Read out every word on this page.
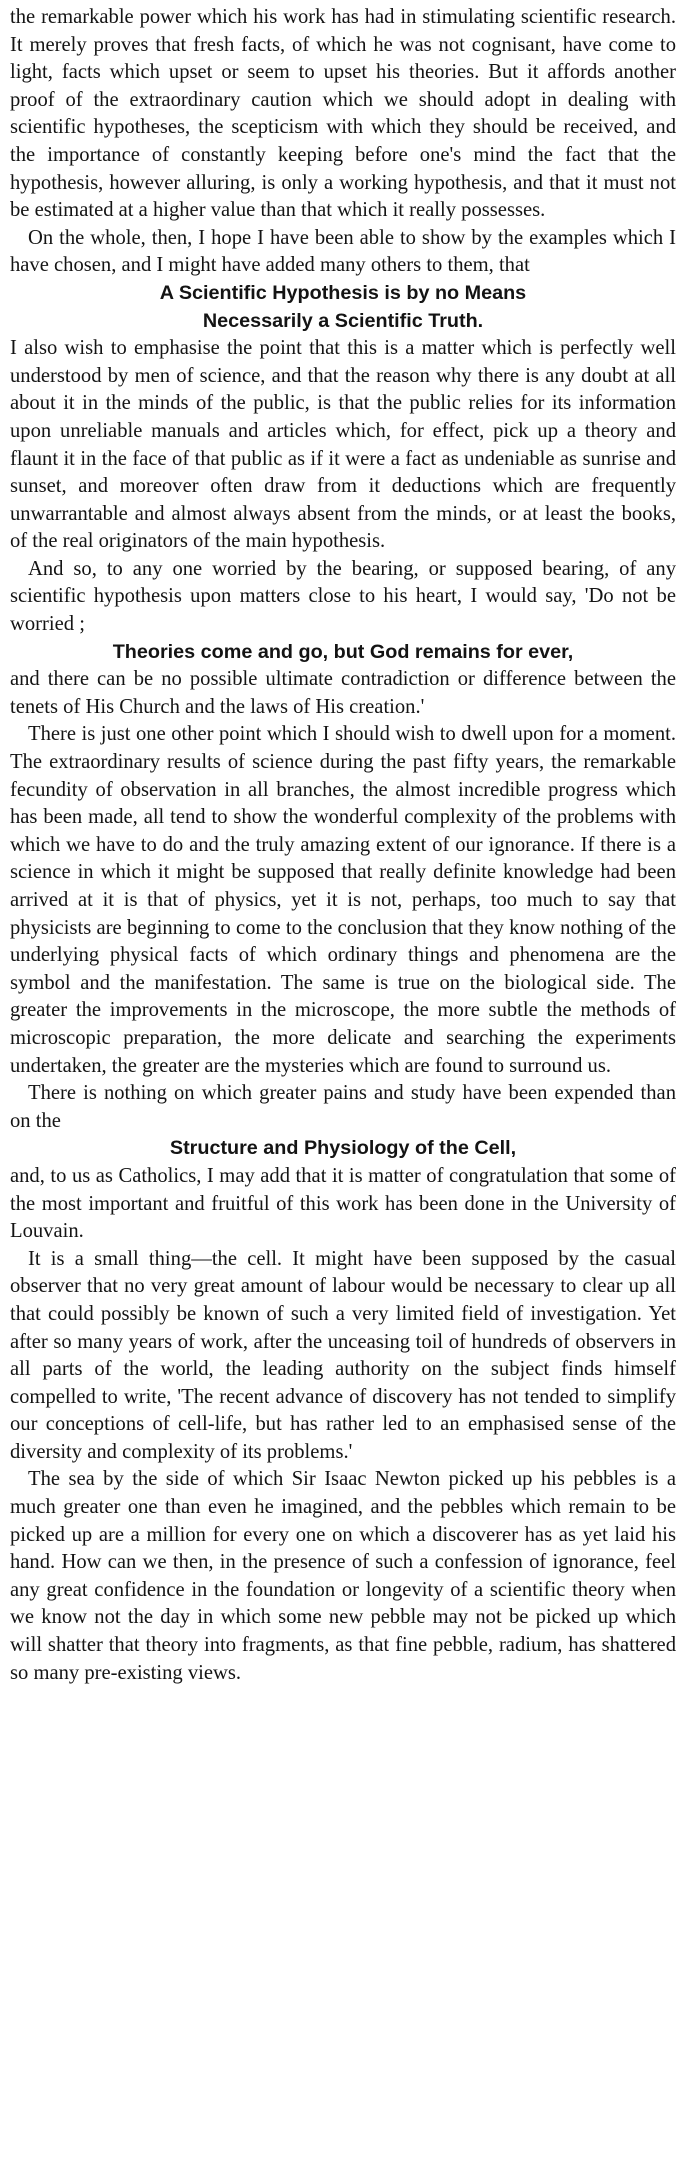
the remarkable power which his work has had in stimulating scientific research. It merely proves that fresh facts, of which he was not cognisant, have come to light, facts which upset or seem to upset his theories. But it affords another proof of the extraordinary caution which we should adopt in dealing with scientific hypotheses, the scepticism with which they should be received, and the importance of constantly keeping before one's mind the fact that the hypothesis, however alluring, is only a working hypothesis, and that it must not be estimated at a higher value than that which it really possesses.

On the whole, then, I hope I have been able to show by the examples which I have chosen, and I might have added many others to them, that

A Scientific Hypothesis is by no Means
Necessarily a Scientific Truth.

I also wish to emphasise the point that this is a matter which is perfectly well understood by men of science, and that the reason why there is any doubt at all about it in the minds of the public, is that the public relies for its information upon unreliable manuals and articles which, for effect, pick up a theory and flaunt it in the face of that public as if it were a fact as undeniable as sunrise and sunset, and moreover often draw from it deductions which are frequently unwarrantable and almost always absent from the minds, or at least the books, of the real originators of the main hypothesis.

And so, to any one worried by the bearing, or supposed bearing, of any scientific hypothesis upon matters close to his heart, I would say, 'Do not be worried ;

Theories come and go, but God remains for ever,

and there can be no possible ultimate contradiction or difference between the tenets of His Church and the laws of His creation.'

There is just one other point which I should wish to dwell upon for a moment. The extraordinary results of science during the past fifty years, the remarkable fecundity of observation in all branches, the almost incredible progress which has been made, all tend to show the wonderful complexity of the problems with which we have to do and the truly amazing extent of our ignorance. If there is a science in which it might be supposed that really definite knowledge had been arrived at it is that of physics, yet it is not, perhaps, too much to say that physicists are beginning to come to the conclusion that they know nothing of the underlying physical facts of which ordinary things and phenomena are the symbol and the manifestation. The same is true on the biological side. The greater the improvements in the microscope, the more subtle the methods of microscopic preparation, the more delicate and searching the experiments undertaken, the greater are the mysteries which are found to surround us.

There is nothing on which greater pains and study have been expended than on the

Structure and Physiology of the Cell,

and, to us as Catholics, I may add that it is matter of congratulation that some of the most important and fruitful of this work has been done in the University of Louvain.

It is a small thing—the cell. It might have been supposed by the casual observer that no very great amount of labour would be necessary to clear up all that could possibly be known of such a very limited field of investigation. Yet after so many years of work, after the unceasing toil of hundreds of observers in all parts of the world, the leading authority on the subject finds himself compelled to write, 'The recent advance of discovery has not tended to simplify our conceptions of cell-life, but has rather led to an emphasised sense of the diversity and complexity of its problems.'

The sea by the side of which Sir Isaac Newton picked up his pebbles is a much greater one than even he imagined, and the pebbles which remain to be picked up are a million for every one on which a discoverer has as yet laid his hand. How can we then, in the presence of such a confession of ignorance, feel any great confidence in the foundation or longevity of a scientific theory when we know not the day in which some new pebble may not be picked up which will shatter that theory into fragments, as that fine pebble, radium, has shattered so many pre-existing views.
